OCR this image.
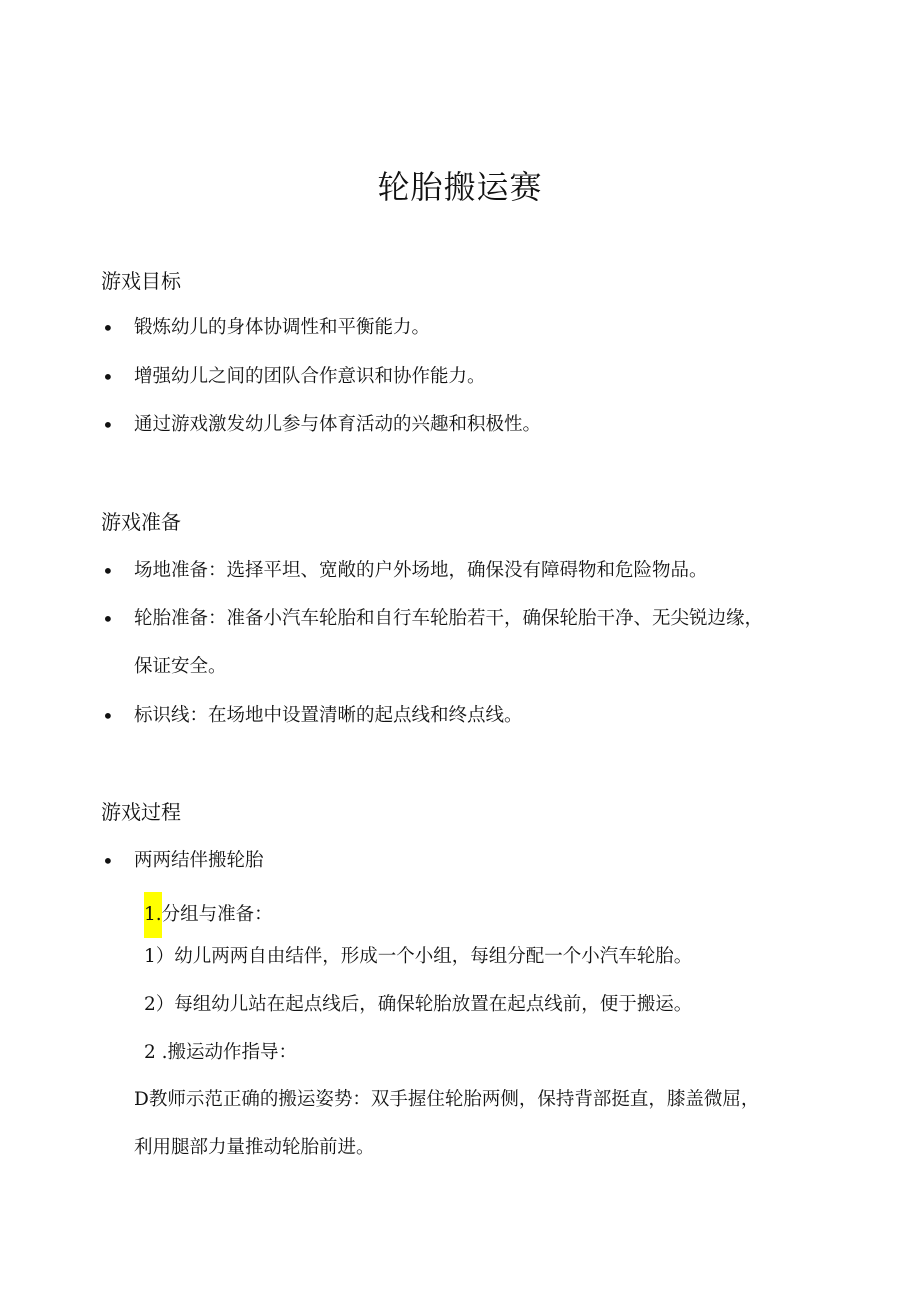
轮胎搬运赛
游戏目标
• 锻炼幼儿的身体协调性和平衡能力。
• 增强幼儿之间的团队合作意识和协作能力。
• 通过游戏激发幼儿参与体育活动的兴趣和积极性。
游戏准备
• 场地准备：选择平坦、宽敞的户外场地，确保没有障碍物和危险物品。
• 轮胎准备：准备小汽车轮胎和自行车轮胎若干，确保轮胎干净、无尖锐边缘，
保证安全。
• 标识线：在场地中设置清晰的起点线和终点线。
游戏过程
• 两两结伴搬轮胎
1.分组与准备：
1）幼儿两两自由结伴，形成一个小组，每组分配一个小汽车轮胎。
2）每组幼儿站在起点线后，确保轮胎放置在起点线前，便于搬运。
2 .搬运动作指导：
D教师示范正确的搬运姿势：双手握住轮胎两侧，保持背部挺直，膝盖微屈，
利用腿部力量推动轮胎前进。
